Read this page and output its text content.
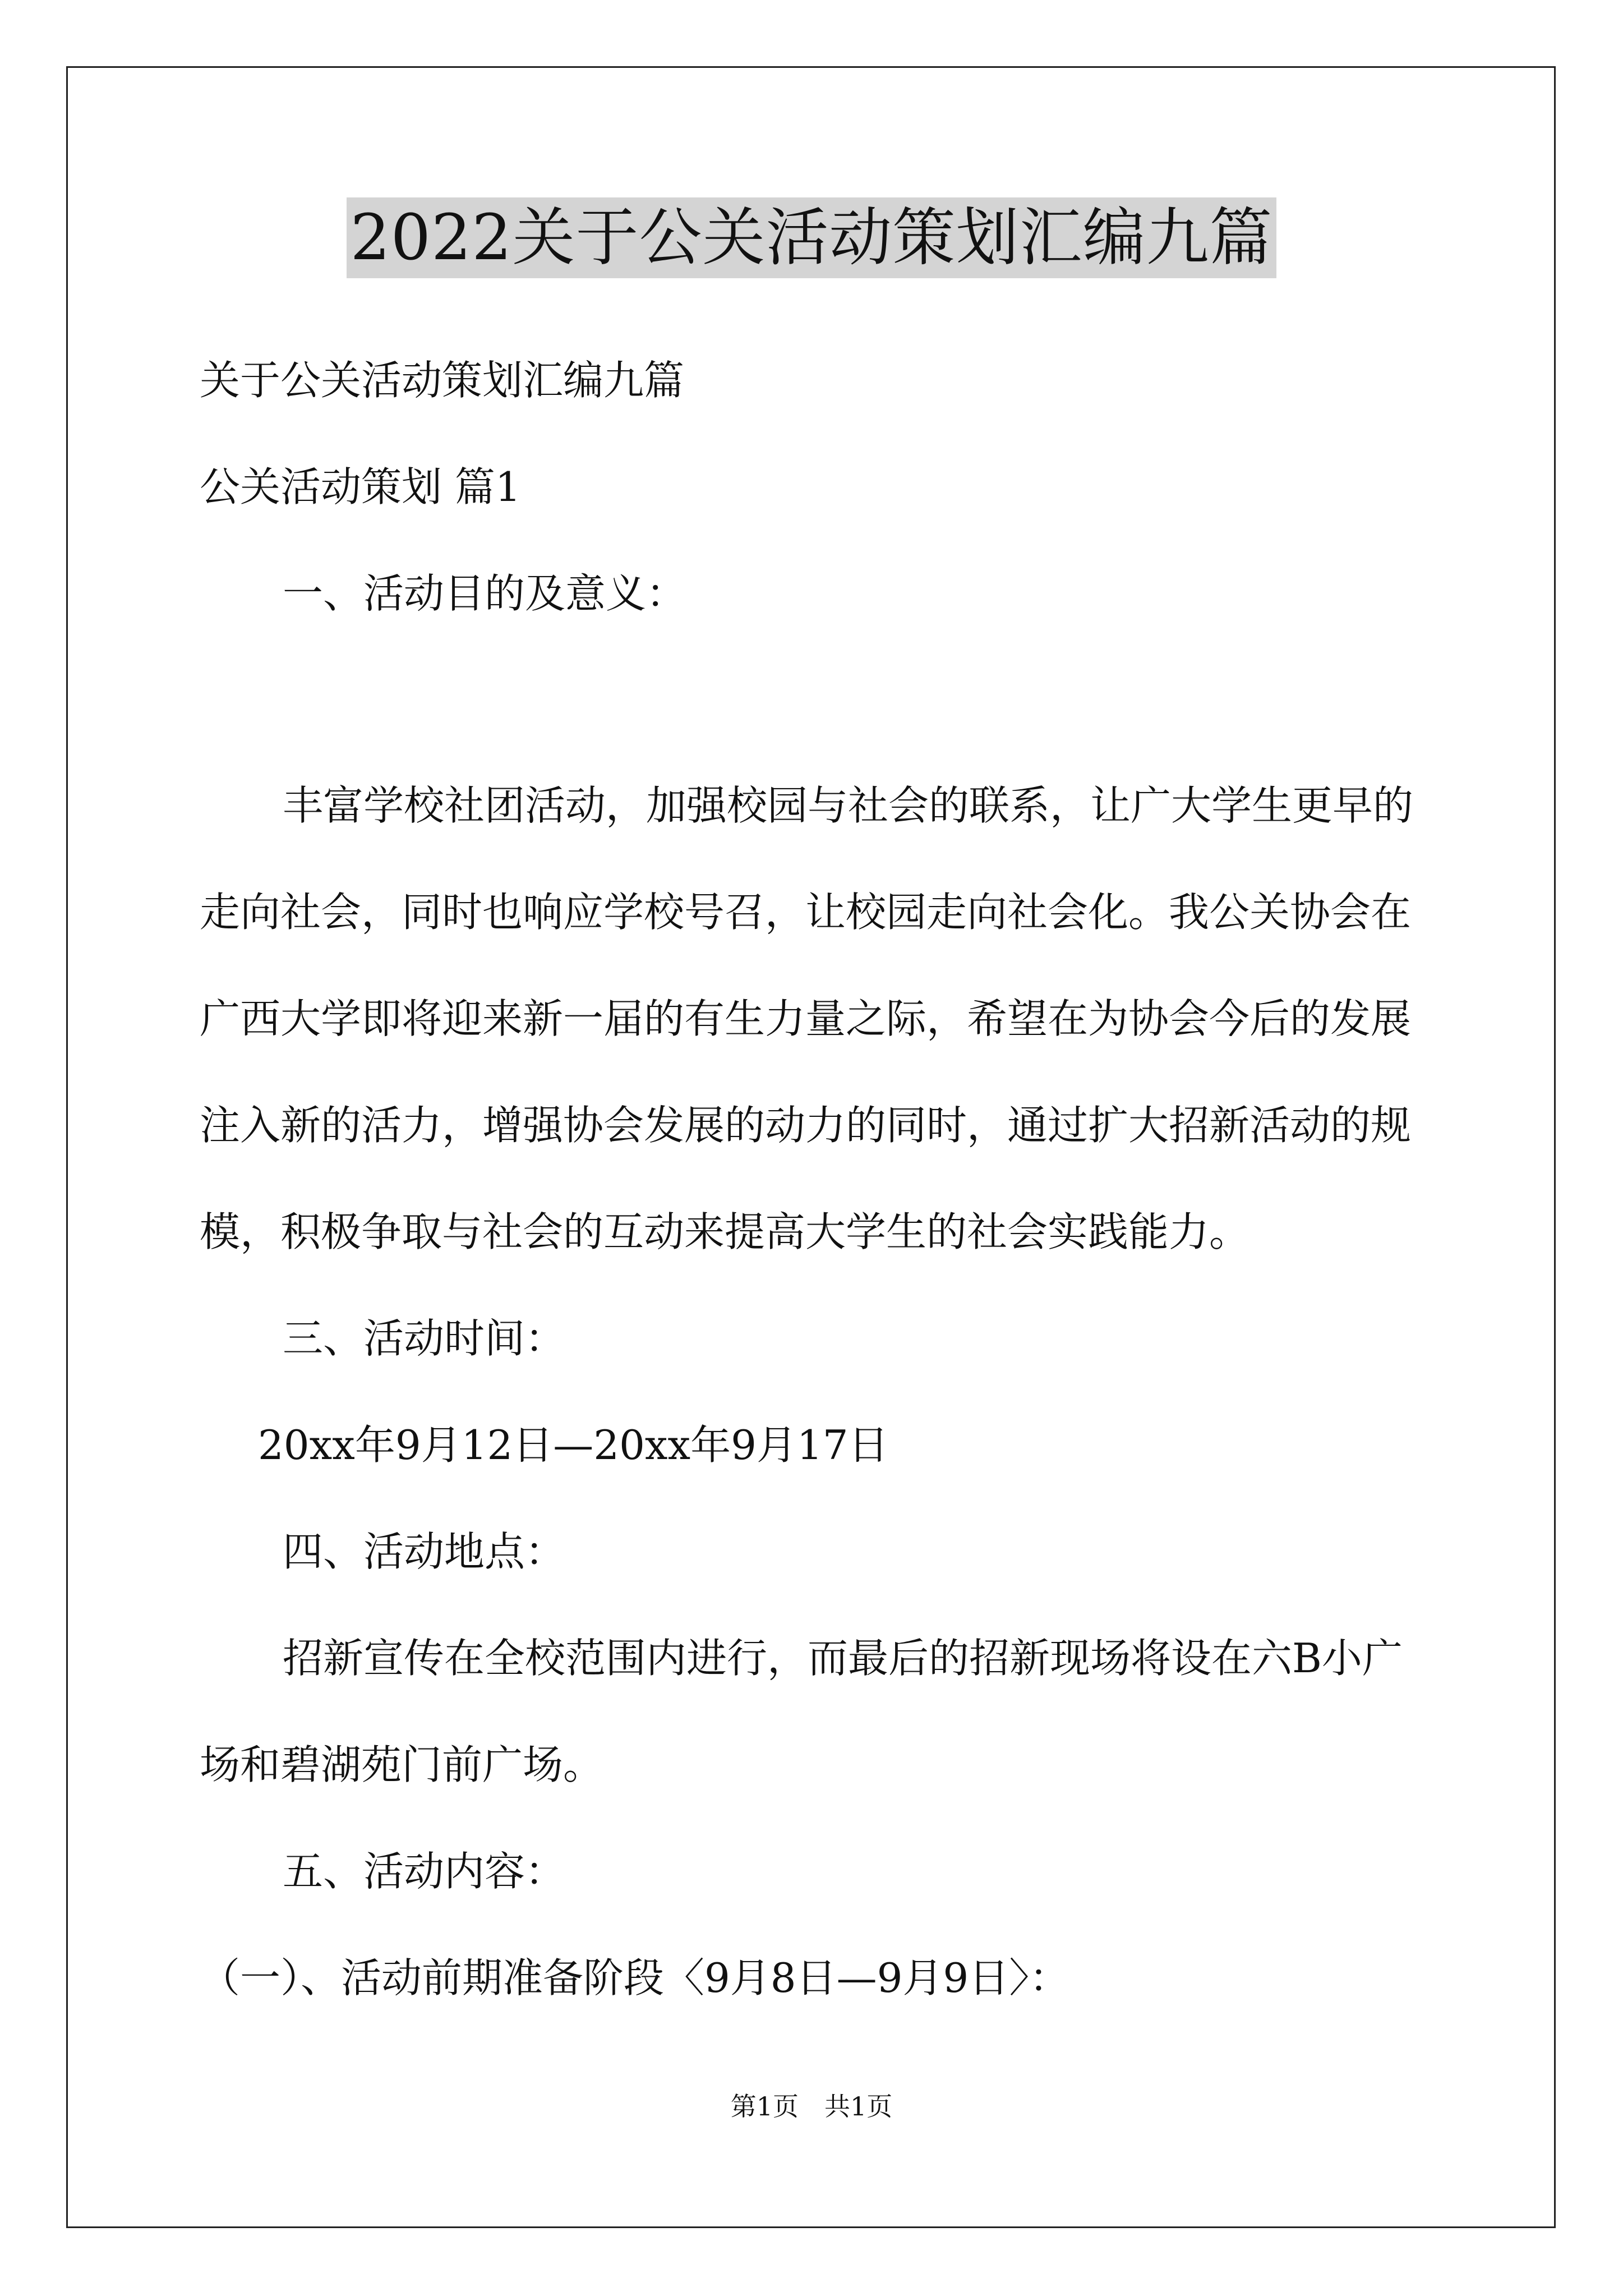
2022关于公关活动策划汇编九篇
关于公关活动策划汇编九篇
公关活动策划 篇1
一、活动目的及意义：
丰富学校社团活动，加强校园与社会的联系，让广大学生更早的
走向社会，同时也响应学校号召，让校园走向社会化。我公关协会在
广西大学即将迎来新一届的有生力量之际，希望在为协会今后的发展
注入新的活力，增强协会发展的动力的同时，通过扩大招新活动的规
模，积极争取与社会的互动来提高大学生的社会实践能力。
三、活动时间：
20xx年9月12日—20xx年9月17日
四、活动地点：
招新宣传在全校范围内进行，而最后的招新现场将设在六B小广
场和碧湖苑门前广场。
五、活动内容：
（一）、活动前期准备阶段〈9月8日—9月9日〉：
第1页　共1页
